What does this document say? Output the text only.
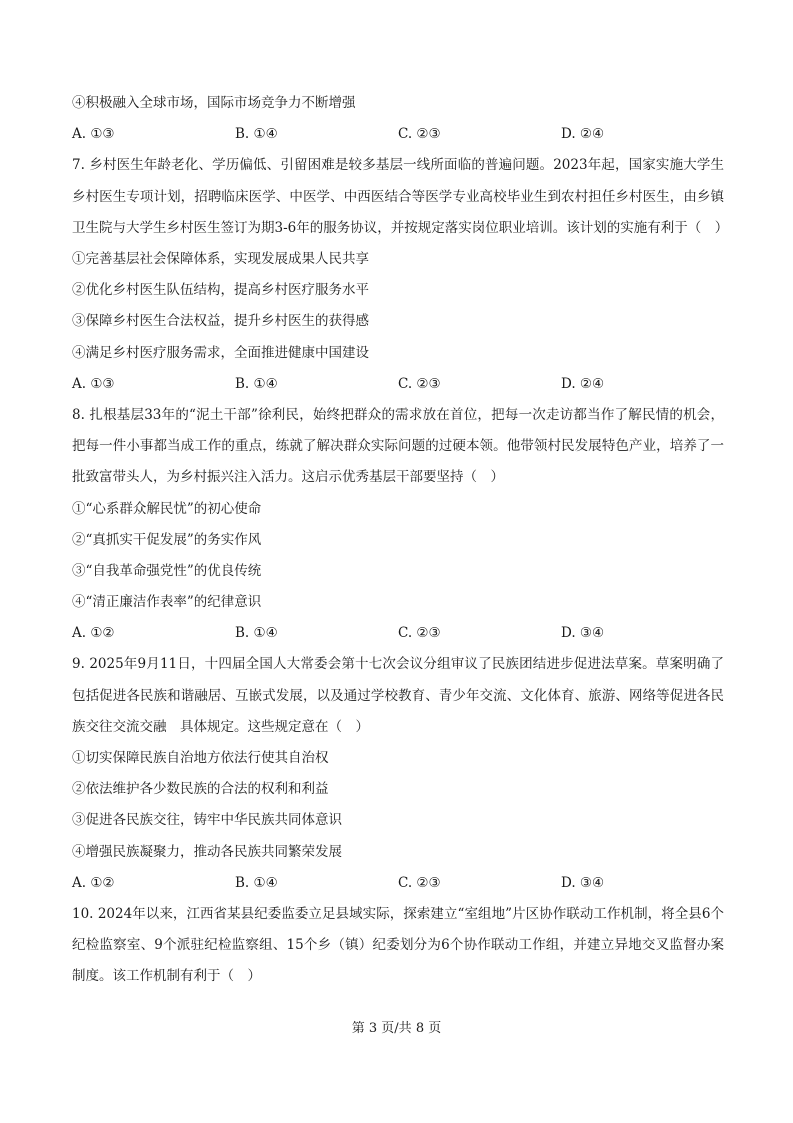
④积极融入全球市场，国际市场竞争力不断增强
A. ①③	B. ①④	C. ②③	D. ②④
7. 乡村医生年龄老化、学历偏低、引留困难是较多基层一线所面临的普遍问题。2023年起，国家实施大学生乡村医生专项计划，招聘临床医学、中医学、中西医结合等医学专业高校毕业生到农村担任乡村医生，由乡镇卫生院与大学生乡村医生签订为期3-6年的服务协议，并按规定落实岗位职业培训。该计划的实施有利于（　）
①完善基层社会保障体系，实现发展成果人民共享
②优化乡村医生队伍结构，提高乡村医疗服务水平
③保障乡村医生合法权益，提升乡村医生的获得感
④满足乡村医疗服务需求，全面推进健康中国建设
A. ①③	B. ①④	C. ②③	D. ②④
8. 扎根基层33年的“泥土干部”徐利民，始终把群众的需求放在首位，把每一次走访都当作了解民情的机会，把每一件小事都当成工作的重点，练就了解决群众实际问题的过硬本领。他带领村民发展特色产业，培养了一批致富带头人，为乡村振兴注入活力。这启示优秀基层干部要坚持（　）
①“心系群众解民忧”的初心使命
②“真抓实干促发展”的务实作风
③“自我革命强党性”的优良传统
④“清正廉洁作表率”的纪律意识
A. ①②	B. ①④	C. ②③	D. ③④
9. 2025年9月11日，十四届全国人大常委会第十七次会议分组审议了民族团结进步促进法草案。草案明确了包括促进各民族和谐融居、互嵌式发展，以及通过学校教育、青少年交流、文化体育、旅游、网络等促进各民族交往交流交融　具体规定。这些规定意在（　）
①切实保障民族自治地方依法行使其自治权
②依法维护各少数民族的合法的权利和利益
③促进各民族交往，铸牢中华民族共同体意识
④增强民族凝聚力，推动各民族共同繁荣发展
A. ①②	B. ①④	C. ②③	D. ③④
10. 2024年以来，江西省某县纪委监委立足县域实际，探索建立“室组地”片区协作联动工作机制，将全县6个纪检监察室、9个派驻纪检监察组、15个乡（镇）纪委划分为6个协作联动工作组，并建立异地交叉监督办案制度。该工作机制有利于（　）
第 3 页/共 8 页
